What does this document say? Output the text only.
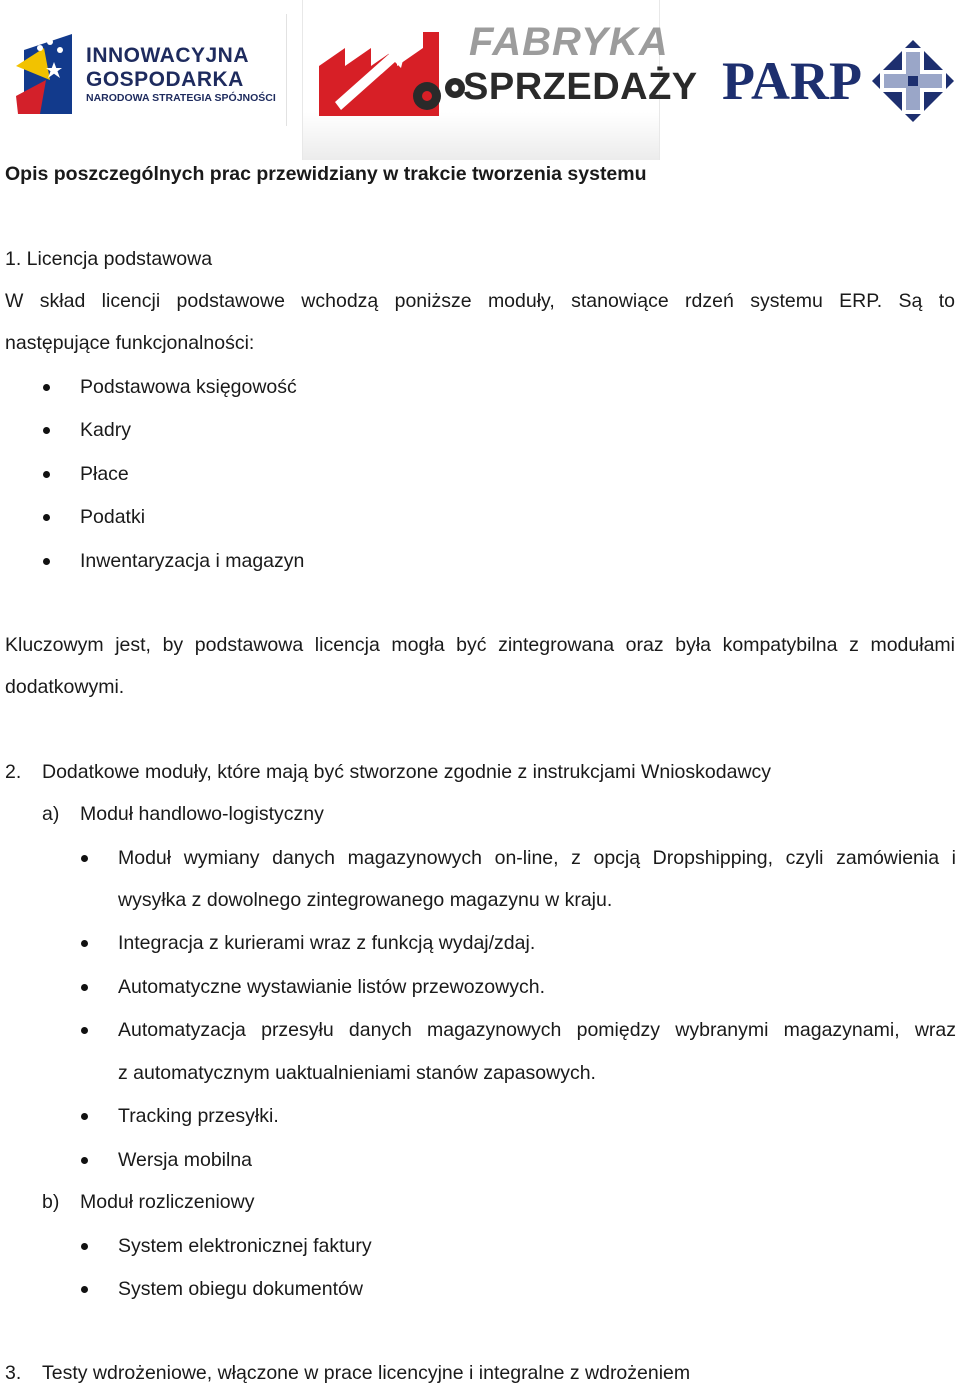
INNOWACYJNA
GOSPODARKA
NARODOWA STRATEGIA SPÓJNOŚCI
FABRYKA
SPRZEDAŻY PARP
Opis poszczególnych prac przewidziany w trakcie tworzenia systemu
1. Licencja podstawowa
W skład licencji podstawowe wchodzą poniższe moduły, stanowiące rdzeń systemu ERP. Są to
następujące funkcjonalności:
Podstawowa księgowość
Kadry
Płace
Podatki
Inwentaryzacja i magazyn
Kluczowym jest, by podstawowa licencja mogła być zintegrowana oraz była kompatybilna z modułami
dodatkowymi.
2. Dodatkowe moduły, które mają być stworzone zgodnie z instrukcjami Wnioskodawcy
a) Moduł handlowo-logistyczny
Moduł wymiany danych magazynowych on-line, z opcją Dropshipping, czyli zamówienia i
wysyłka z dowolnego zintegrowanego magazynu w kraju.
Integracja z kurierami wraz z funkcją wydaj/zdaj.
Automatyczne wystawianie listów przewozowych.
Automatyzacja przesyłu danych magazynowych pomiędzy wybranymi magazynami, wraz
z automatycznym uaktualnieniami stanów zapasowych.
Tracking przesyłki.
Wersja mobilna
b) Moduł rozliczeniowy
System elektronicznej faktury
System obiegu dokumentów
3. Testy wdrożeniowe, włączone w prace licencyjne i integralne z wdrożeniem
